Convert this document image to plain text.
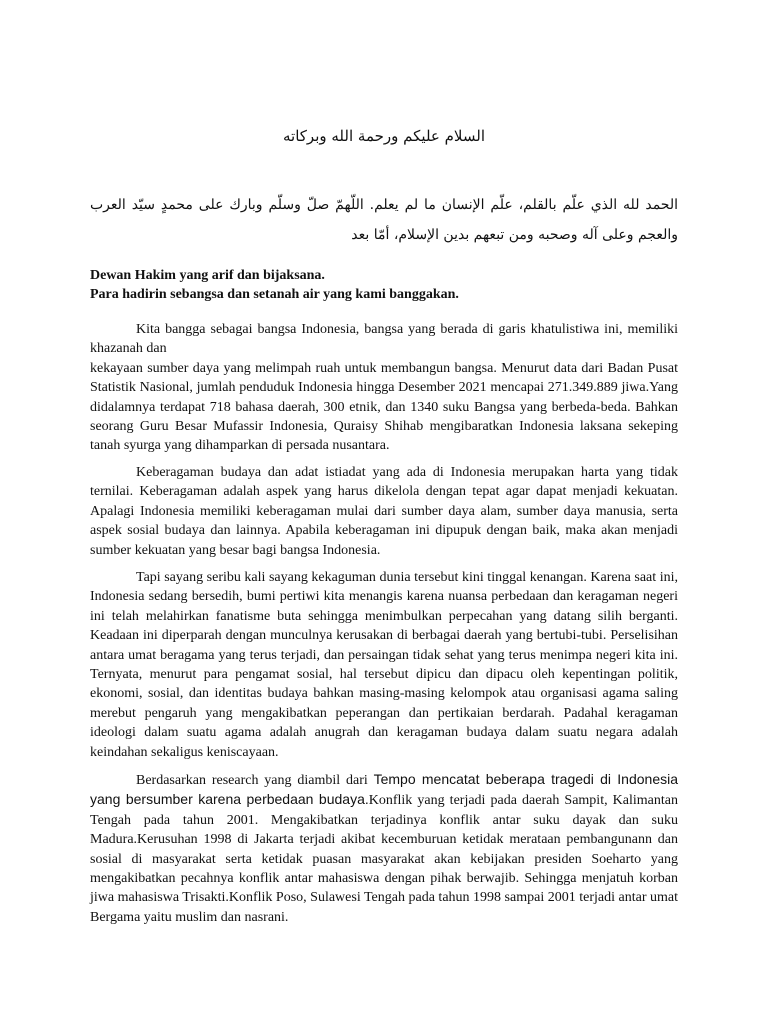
السلام عليكم ورحمة الله وبركاته
الحمد لله الذي علّم بالقلم، علّم الإنسان ما لم يعلم. اللّهمّ صلّ وسلّم وبارك على محمدٍ سيّد العرب والعجم وعلى آله وصحبه ومن تبعهم بدين الإسلام، أمّا بعد
Dewan Hakim yang arif dan bijaksana.
Para hadirin sebangsa dan setanah air yang kami banggakan.
Kita bangga sebagai bangsa Indonesia, bangsa yang berada di garis khatulistiwa ini, memiliki khazanah dan
kekayaan sumber daya yang melimpah ruah untuk membangun bangsa. Menurut data dari Badan Pusat Statistik Nasional, jumlah penduduk Indonesia hingga Desember 2021 mencapai 271.349.889 jiwa.Yang didalamnya terdapat 718 bahasa daerah, 300 etnik, dan 1340 suku Bangsa yang berbeda-beda. Bahkan seorang Guru Besar Mufassir Indonesia, Quraisy Shihab mengibaratkan Indonesia laksana sekeping tanah syurga yang dihamparkan di persada nusantara.
Keberagaman budaya dan adat istiadat yang ada di Indonesia merupakan harta yang tidak ternilai. Keberagaman adalah aspek yang harus dikelola dengan tepat agar dapat menjadi kekuatan. Apalagi Indonesia memiliki keberagaman mulai dari sumber daya alam, sumber daya manusia, serta aspek sosial budaya dan lainnya. Apabila keberagaman ini dipupuk dengan baik, maka akan menjadi sumber kekuatan yang besar bagi bangsa Indonesia.
Tapi sayang seribu kali sayang kekaguman dunia tersebut kini tinggal kenangan. Karena saat ini, Indonesia sedang bersedih, bumi pertiwi kita menangis karena nuansa perbedaan dan keragaman negeri ini telah melahirkan fanatisme buta sehingga menimbulkan perpecahan yang datang silih berganti. Keadaan ini diperparah dengan munculnya kerusakan di berbagai daerah yang bertubi-tubi. Perselisihan antara umat beragama yang terus terjadi, dan persaingan tidak sehat yang terus menimpa negeri kita ini. Ternyata, menurut para pengamat sosial, hal tersebut dipicu dan dipacu oleh kepentingan politik, ekonomi, sosial, dan identitas budaya bahkan masing-masing kelompok atau organisasi agama saling merebut pengaruh yang mengakibatkan peperangan dan pertikaian berdarah. Padahal keragaman ideologi dalam suatu agama adalah anugrah dan keragaman budaya dalam suatu negara adalah keindahan sekaligus keniscayaan.
Berdasarkan research yang diambil dari Tempo mencatat beberapa tragedi di Indonesia yang bersumber karena perbedaan budaya.Konflik yang terjadi pada daerah Sampit, Kalimantan Tengah pada tahun 2001. Mengakibatkan terjadinya konflik antar suku dayak dan suku Madura.Kerusuhan 1998 di Jakarta terjadi akibat kecemburuan ketidak merataan pembangunann dan sosial di masyarakat serta ketidak puasan masyarakat akan kebijakan presiden Soeharto yang mengakibatkan pecahnya konflik antar mahasiswa dengan pihak berwajib. Sehingga menjatuh korban jiwa mahasiswa Trisakti.Konflik Poso, Sulawesi Tengah pada tahun 1998 sampai 2001 terjadi antar umat Bergama yaitu muslim dan nasrani.
